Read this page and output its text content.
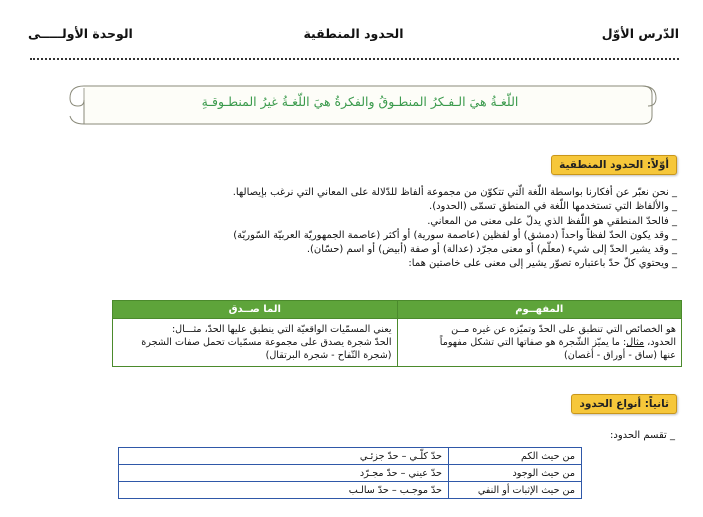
الدّرس الأوّل
الحدود المنطقية
الوحدة الأولـــــى
اللّغـةُ هيَ الـفـكرُ المنطـوقُ والفكرةُ هيَ اللّغـةُ غيرُ المنطـوقـةِ
أوّلاً: الحدود المنطقية
_ نحن نعبّر عن أفكارنا بواسطة اللّغة الّتي تتكوّن من مجموعة ألفاظ للدّلالة على المعاني التي نرغب بإيصالها.
_ والألفاظ التي تستخدمها اللّغة في المنطق تسمّى (الحدود).
_ فالحدّ المنطقي هو اللّفظ الذي يدلّ على معنى من المعاني.
_ وقد يكون الحدّ لفظاً واحداً (دمشق) أو لفظين (عاصمة سورية) أو أكثر (عاصمة الجمهوريّة العربيّة السّوريّة)
_ وقد يشير الحدّ إلى شيء (معلّم) أو معنى مجرّد (عدالة) أو صفة (أبيض) أو اسم (حسّان).
_ ويحتوي كلّ حدّ باعتباره تصوّر يشير إلى معنى على خاصتين هما:
المفهــوم	الما صــدق

هو الخصائص التي تنطبق على الحدّ وتميّزه عن غيره مــن
الحدود، مثال: ما يميّز الشّجرة هو صفاتها التي تشكل مفهوماً
عنها (ساق - أوراق - أغصان)	يعني المسمّيات الواقعيّة التي ينطبق عليها الحدّ، مثـــال:
الحدّ شجرة يصدق على مجموعة مسمّيات تحمل صفات الشجرة
(شجرة التّفاح - شجرة البرتقال)
ثانياً: أنواع الحدود
_ تقسم الحدود:
من حيث الكم	حدّ كلّـي – حدّ جزئـي
من حيث الوجود	حدّ عيني – حدّ مجـرّد
من حيث الإثبات أو النفي	حدّ موجـب – حدّ سالـب
